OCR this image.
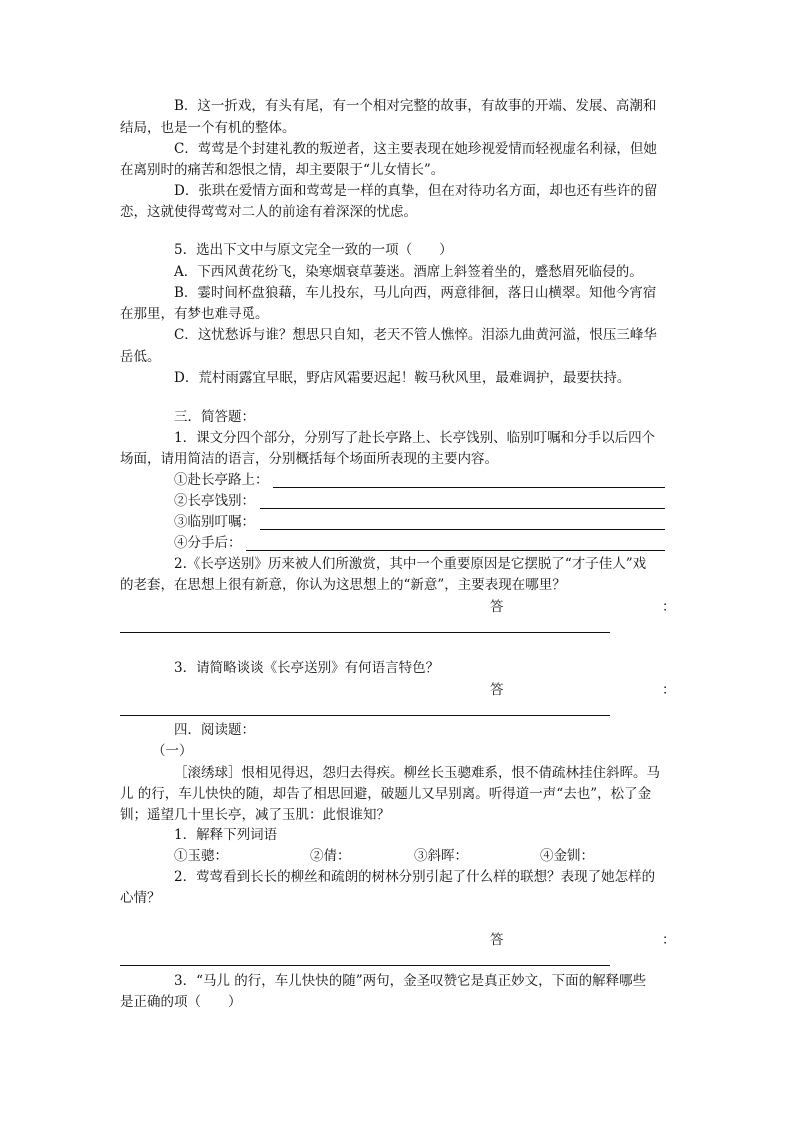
B．这一折戏，有头有尾，有一个相对完整的故事，有故事的开端、发展、高潮和
结局，也是一个有机的整体。
C．莺莺是个封建礼教的叛逆者，这主要表现在她珍视爱情而轻视虚名利禄，但她
在离别时的痛苦和怨恨之情，却主要限于“儿女情长”。
D．张珙在爱情方面和莺莺是一样的真挚，但在对待功名方面，却也还有些许的留
恋，这就使得莺莺对二人的前途有着深深的忧虑。
5．选出下文中与原文完全一致的一项（　　）
A．下西风黄花纷飞，染寒烟衰草萋迷。酒席上斜签着坐的，蹙愁眉死临侵的。
B．霎时间杯盘狼藉，车儿投东，马儿向西，两意徘徊，落日山横翠。知他今宵宿
在那里，有梦也难寻觅。
C．这忧愁诉与谁？想思只自知，老天不管人憔悴。泪添九曲黄河溢，恨压三峰华
岳低。
D．荒村雨露宜早眠，野店风霜要迟起！鞍马秋风里，最难调护，最要扶持。
三．简答题：
1．课文分四个部分，分别写了赴长亭路上、长亭饯别、临别叮嘱和分手以后四个
场面，请用简洁的语言，分别概括每个场面所表现的主要内容。
①赴长亭路上：
②长亭饯别：
③临别叮嘱：
④分手后：
2.《长亭送别》历来被人们所激赏，其中一个重要原因是它摆脱了“才子佳人”戏
的老套，在思想上很有新意，你认为这思想上的“新意”，主要表现在哪里？
答	：
3．请简略谈谈《长亭送别》有何语言特色？
答	：
四．阅读题：
（一）
［滚绣球］恨相见得迟，怨归去得疾。柳丝长玉骢难系，恨不倩疏林挂住斜晖。马
儿 的行，车儿快快的随，却告了相思回避，破题儿又早别离。听得道一声“去也”，松了金
钏；遥望几十里长亭，减了玉肌：此恨谁知？
1．解释下列词语
①玉骢：	②倩：	③斜晖：	④金钏：
2．莺莺看到长长的柳丝和疏朗的树林分别引起了什么样的联想？表现了她怎样的
心情？
答	：
3．“马儿 的行，车儿快快的随”两句，金圣叹赞它是真正妙文，下面的解释哪些
是正确的项（　　）
